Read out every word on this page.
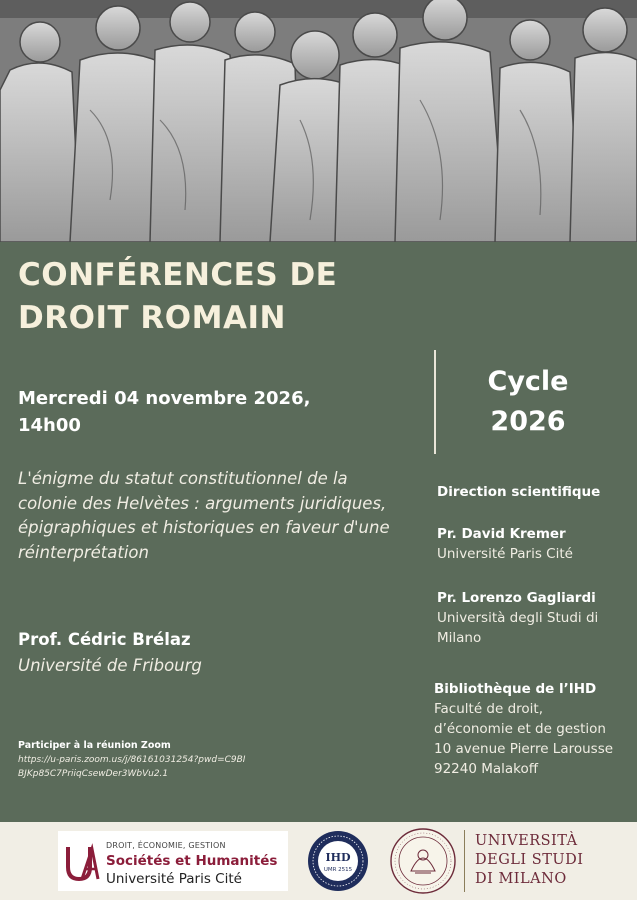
CONFÉRENCES DE
DROIT ROMAIN
Mercredi 04 novembre 2026,
14h00
L'énigme du statut constitutionnel de la colonie des Helvètes : arguments juridiques, épigraphiques et historiques en faveur d'une réinterprétation
Prof. Cédric Brélaz
Université de Fribourg
Participer à la réunion Zoom
https://u-paris.zoom.us/j/86161031254?pwd=C9BIBJKp85C7PriiqCsewDer3WbVu2.1
Cycle
2026
Direction scientifique
Pr. David Kremer
Université Paris Cité
Pr. Lorenzo Gagliardi
Università degli Studi di Milano
Bibliothèque de l’IHD
Faculté de droit,
d’économie et de gestion
10 avenue Pierre Larousse
92240 Malakoff
DROIT, ÉCONOMIE, GESTION
Sociétés et Humanités
Université Paris Cité
IHD
UMR 2515
UNIVERSITÀ
DEGLI STUDI
DI MILANO
